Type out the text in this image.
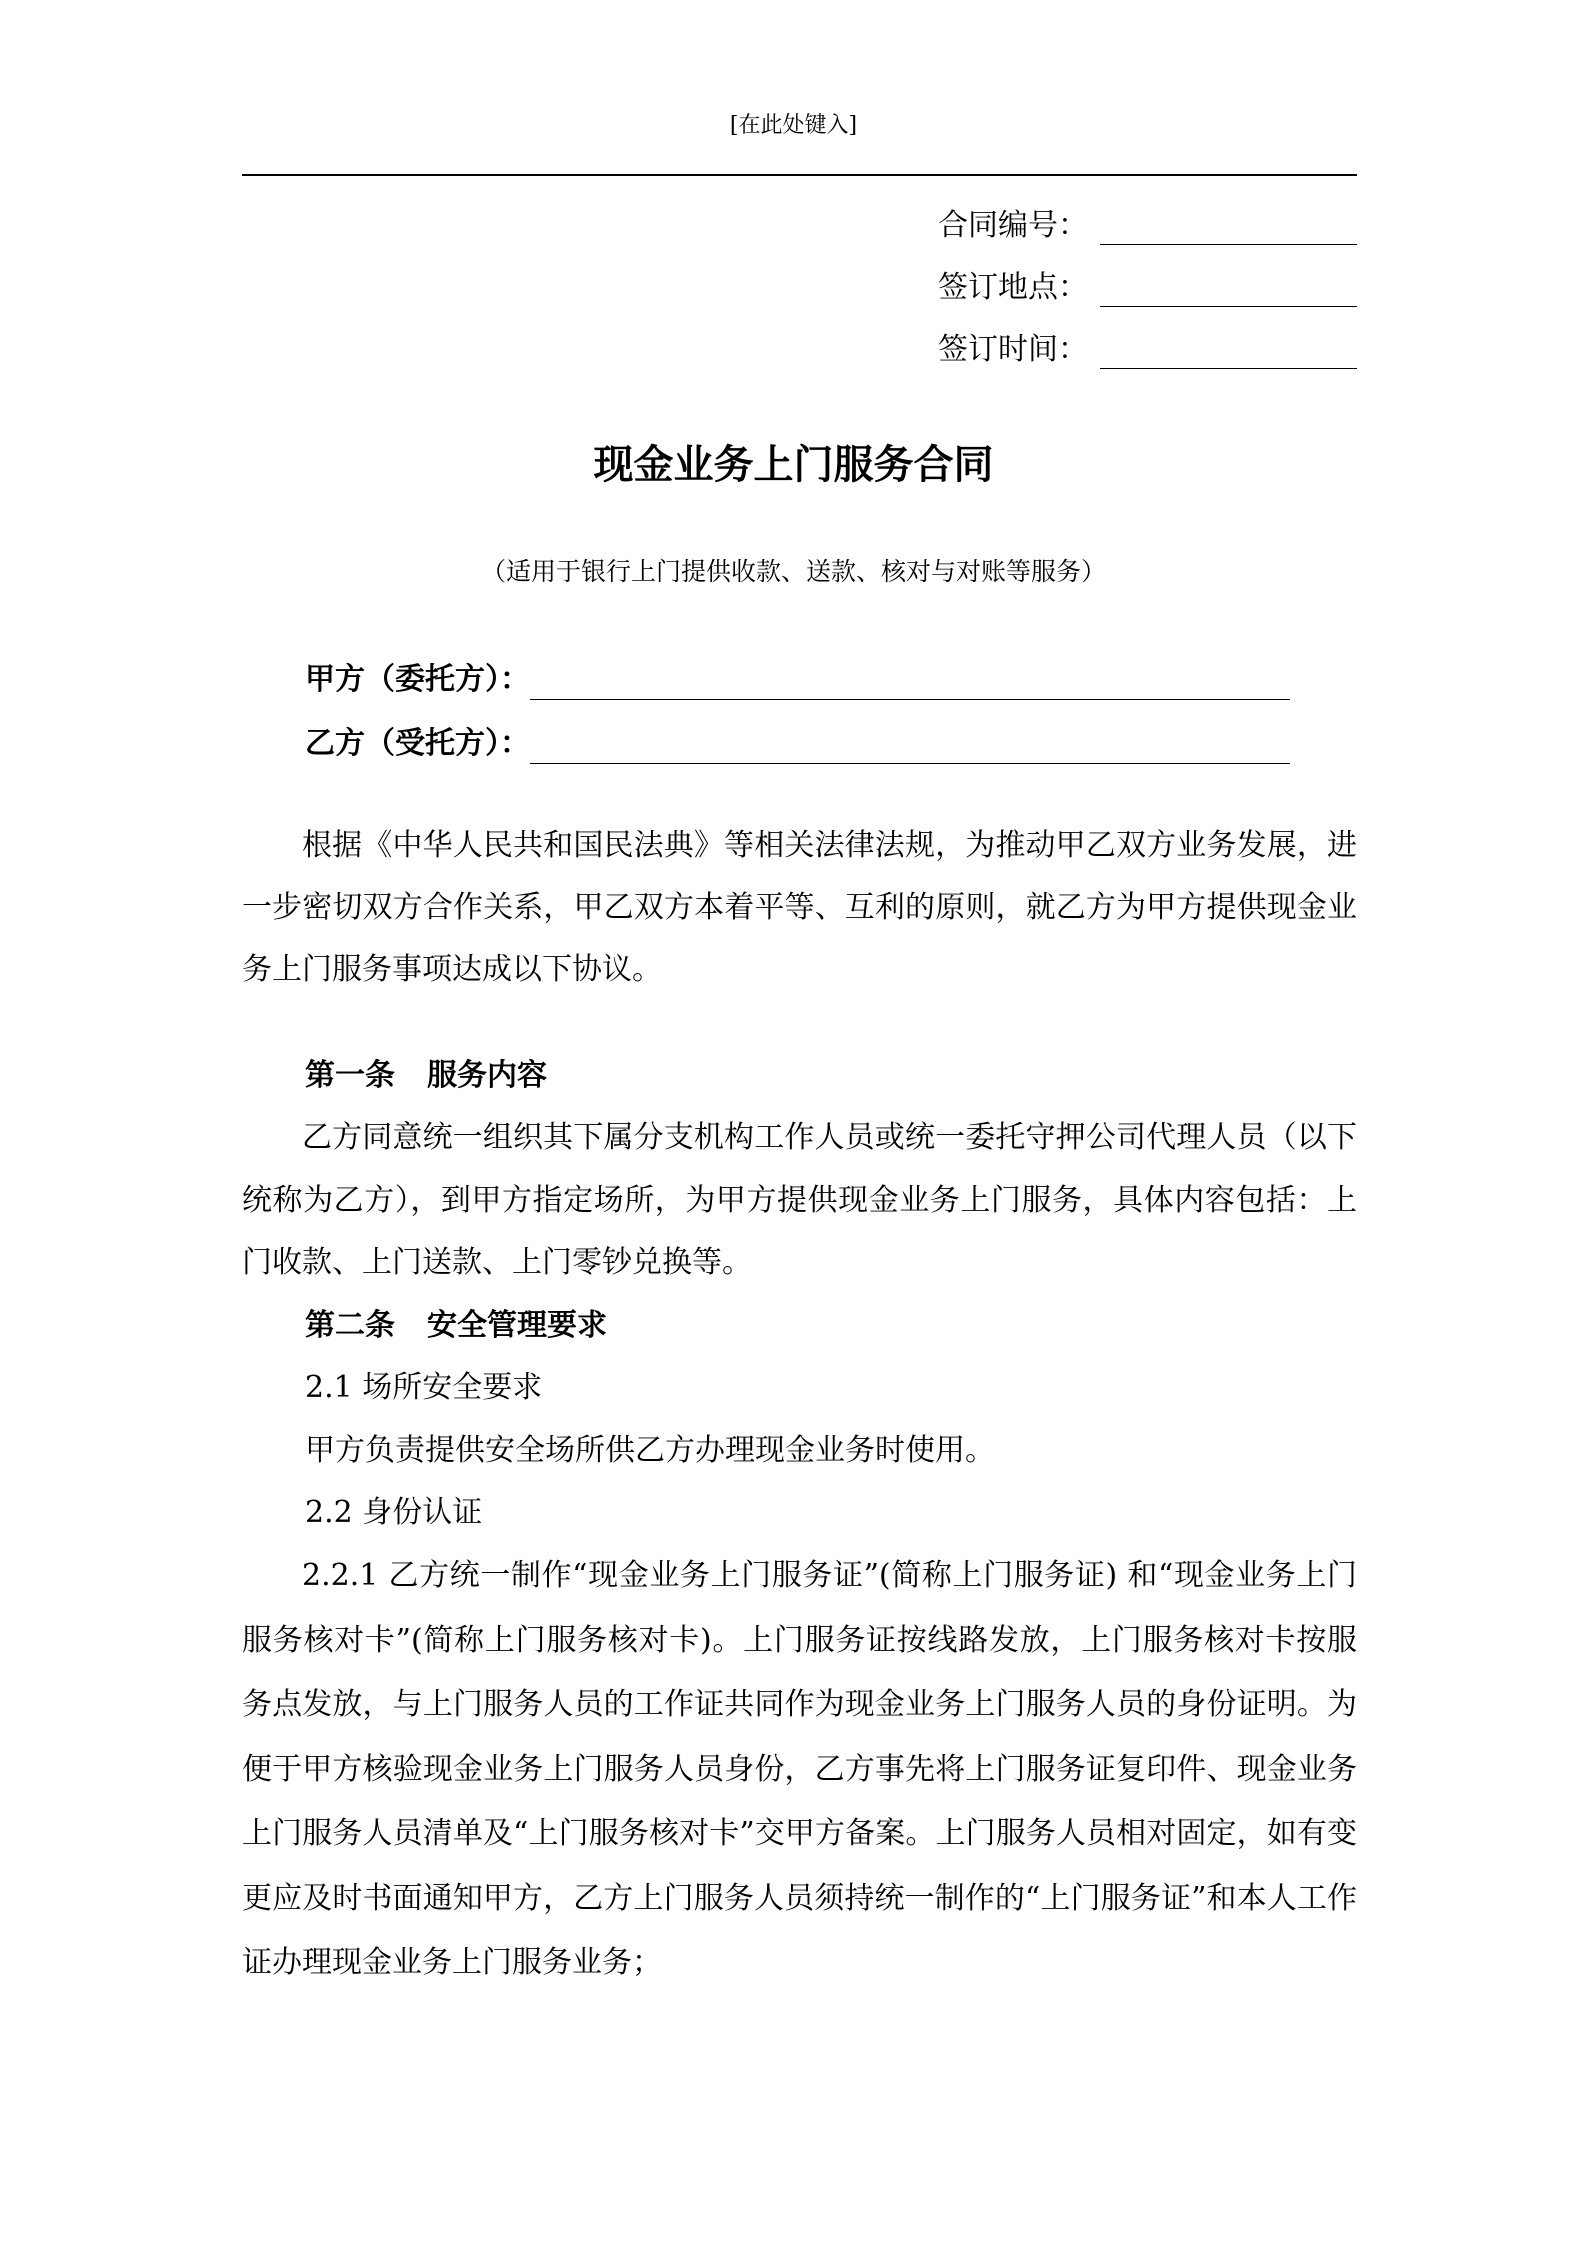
[在此处键入]
合同编号：
签订地点：
签订时间：
现金业务上门服务合同
（适用于银行上门提供收款、送款、核对与对账等服务）
甲方（委托方）：
乙方（受托方）：

根据《中华人民共和国民法典》等相关法律法规，为推动甲乙双方业务发展，进一步密切双方合作关系，甲乙双方本着平等、互利的原则，就乙方为甲方提供现金业务上门服务事项达成以下协议。

第一条 服务内容

乙方同意统一组织其下属分支机构工作人员或统一委托守押公司代理人员（以下统称为乙方），到甲方指定场所，为甲方提供现金业务上门服务，具体内容包括：上门收款、上门送款、上门零钞兑换等。

第二条 安全管理要求
2.1 场所安全要求
甲方负责提供安全场所供乙方办理现金业务时使用。
2.2 身份认证

2.2.1 乙方统一制作“现金业务上门服务证”(简称上门服务证) 和“现金业务上门服务核对卡”(简称上门服务核对卡)。上门服务证按线路发放，上门服务核对卡按服务点发放，与上门服务人员的工作证共同作为现金业务上门服务人员的身份证明。为便于甲方核验现金业务上门服务人员身份，乙方事先将上门服务证复印件、现金业务上门服务人员清单及“上门服务核对卡”交甲方备案。上门服务人员相对固定，如有变更应及时书面通知甲方，乙方上门服务人员须持统一制作的“上门服务证”和本人工作证办理现金业务上门服务业务；
